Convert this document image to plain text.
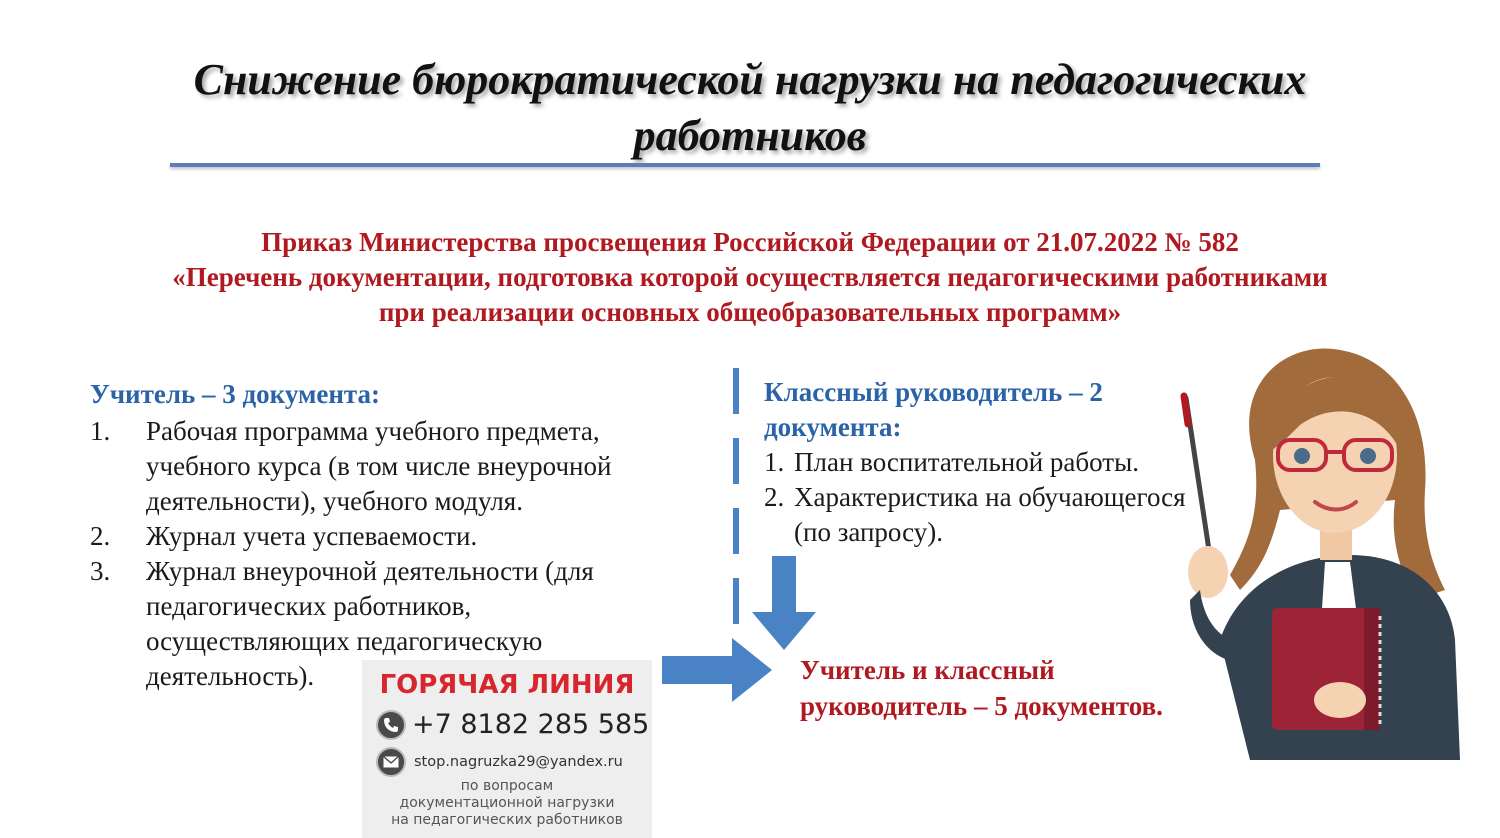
Снижение бюрократической нагрузки на педагогических
работников
Приказ Министерства просвещения Российской Федерации от 21.07.2022 № 582
«Перечень документации, подготовка которой осуществляется педагогическими работниками
при реализации основных общеобразовательных программ»
Учитель – 3 документа:
1. Рабочая программа учебного предмета, учебного курса (в том числе внеурочной деятельности), учебного модуля.
2. Журнал учета успеваемости.
3. Журнал внеурочной деятельности (для педагогических работников, осуществляющих педагогическую деятельность).
Классный руководитель – 2 документа:
1. План воспитательной работы.
2. Характеристика на обучающегося (по запросу).
Учитель и классный руководитель – 5 документов.
ГОРЯЧАЯ ЛИНИЯ
+7 8182 285 585
stop.nagruzka29@yandex.ru
по вопросам
документационной нагрузки
на педагогических работников
